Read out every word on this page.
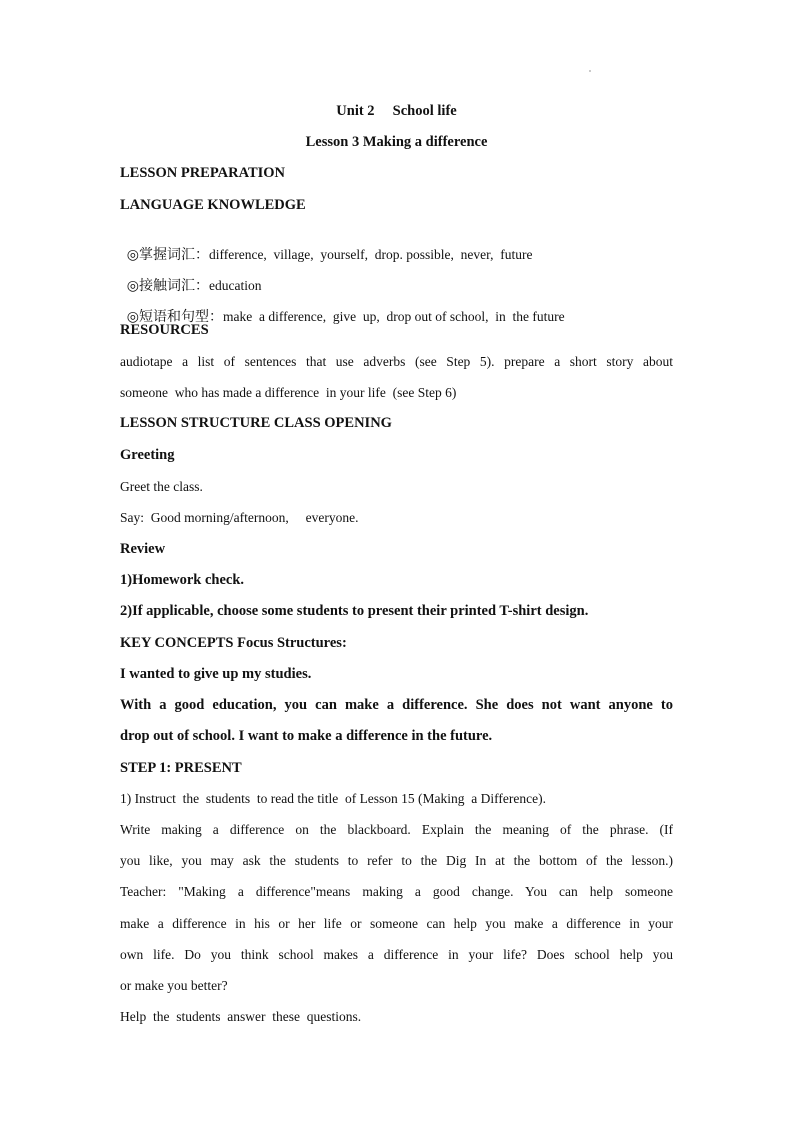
Unit 2     School life
Lesson 3 Making a difference
LESSON PREPARATION
LANGUAGE KNOWLEDGE

◎掌握词汇：difference,  village,  yourself,  drop. possible,  never,  future

◎接触词汇：education

◎短语和句型：make  a difference,  give  up,  drop out of school,  in  the future

RESOURCES
audiotape a list of sentences that use adverbs (see Step 5). prepare a short story about
someone  who has made a difference  in your life  (see Step 6)
LESSON STRUCTURE CLASS OPENING
Greeting
Greet the class.
Say:  Good morning/afternoon,     everyone.
Review
1)Homework check.
2)If applicable, choose some students to present their printed T-shirt design.
KEY CONCEPTS Focus Structures:
I wanted to give up my studies.
With a good education, you can make a difference. She does not want anyone to
drop out of school. I want to make a difference in the future.
STEP 1: PRESENT
1) Instruct  the  students  to read the title  of Lesson 15 (Making  a Difference).
Write making a difference on the blackboard. Explain the meaning of the phrase. (If
you like, you may ask the students to refer to the Dig In at the bottom of the lesson.)
Teacher: "Making a difference"means making a good change. You can help someone
make a difference in his or her life or someone can help you make a difference in your
own life. Do you think school makes a difference in your life? Does school help you
or make you better?
Help  the  students  answer  these  questions.
